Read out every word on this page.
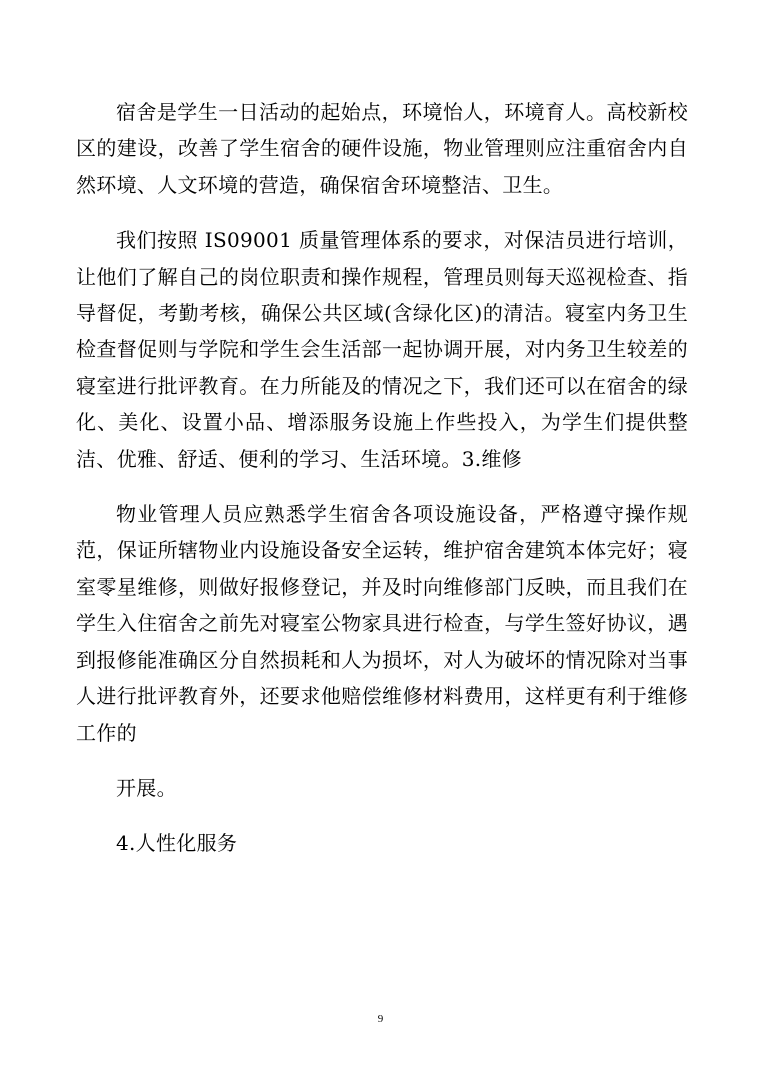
宿舍是学生一日活动的起始点，环境怡人，环境育人。高校新校区的建设，改善了学生宿舍的硬件设施，物业管理则应注重宿舍内自然环境、人文环境的营造，确保宿舍环境整洁、卫生。

我们按照 IS09001 质量管理体系的要求，对保洁员进行培训，让他们了解自己的岗位职责和操作规程，管理员则每天巡视检查、指导督促，考勤考核，确保公共区域(含绿化区)的清洁。寝室内务卫生检查督促则与学院和学生会生活部一起协调开展，对内务卫生较差的寝室进行批评教育。在力所能及的情况之下，我们还可以在宿舍的绿化、美化、设置小品、增添服务设施上作些投入，为学生们提供整洁、优雅、舒适、便利的学习、生活环境。3.维修

物业管理人员应熟悉学生宿舍各项设施设备，严格遵守操作规范，保证所辖物业内设施设备安全运转，维护宿舍建筑本体完好；寝室零星维修，则做好报修登记，并及时向维修部门反映，而且我们在学生入住宿舍之前先对寝室公物家具进行检查，与学生签好协议，遇到报修能准确区分自然损耗和人为损坏，对人为破坏的情况除对当事人进行批评教育外，还要求他赔偿维修材料费用，这样更有利于维修工作的

开展。

4.人性化服务

9
